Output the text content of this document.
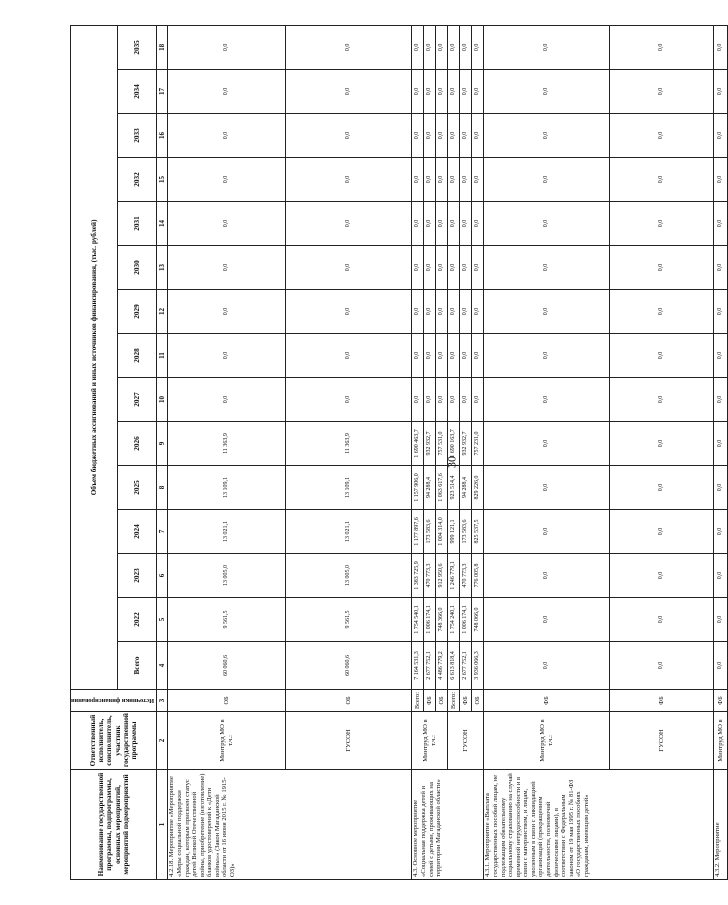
30
Наименование государственной программы, подпрограммы, основных мероприятий, мероприятий подмероприятий	Ответственный исполнитель, соисполнитель, участник государственной программы	Источники финансирования	Объем бюджетных ассигнований и иных источников финансирования, (тыс. рублей)														
			Всего	2022	2023	2024	2025	2026	2027	2028	2029	2030	2031	2032	2033	2034	2035
1	2	3	4	5	6	7	8	9	10	11	12	13	14	15	16	17	18
4.2.18. Мероприятие «Мероприятие «Меры социальной поддержки граждан, которым присвоен статус детей Великой Отечественной войны, приобретение (изготовление) бланков удостоверений к «Дети войны»» (Закон Магаданской области от 16 июня 2015 г. № 1915-ОЗ)»	Минтруд МО в т.ч.:	ОБ	60 060,6	9 561,5	13 005,0	13 021,1	13 109,1	11 363,9	0,0	0,0	0,0	0,0	0,0	0,0	0,0	0,0	0,0
	ГУСОН	ОБ	60 060,6	9 561,5	13 005,0	13 021,1	13 109,1	11 363,9	0,0	0,0	0,0	0,0	0,0	0,0	0,0	0,0	0,0
4.3. Основное мероприятие «Социальная поддержка детей и семей с детьми, проживающих на территории Магаданской области»	Минтруд МО в т.ч.:	Всего:	7 164 531,3	1 754 540,1	1 383 725,9	1 177 897,6	1 157 906,0	1 690 463,7	0,0	0,0	0,0	0,0	0,0	0,0	0,0	0,0	0,0
		ФБ	2 677 752,1	1 006 174,1	470 773,3	173 583,6	94 288,4	932 932,7	0,0	0,0	0,0	0,0	0,0	0,0	0,0	0,0	0,0
		ОБ	4 486 779,2	748 366,0	912 950,6	1 004 314,0	1 063 617,6	757 531,0	0,0	0,0	0,0	0,0	0,0	0,0	0,0	0,0	0,0
	ГУСОН	Всего:	6 613 818,4	1 754 240,1	1 246 779,1	999 121,1	923 514,4	1 690 163,7	0,0	0,0	0,0	0,0	0,0	0,0	0,0	0,0	0,0
		ФБ	2 677 752,1	1 006 174,1	470 773,3	173 583,6	94 288,4	932 932,7	0,0	0,0	0,0	0,0	0,0	0,0	0,0	0,0	0,0
		ОБ	3 936 066,3	748 066,0	776 005,8	825 537,5	829 226,0	757 231,0	0,0	0,0	0,0	0,0	0,0	0,0	0,0	0,0	0,0
4.3.1. Мероприятие «Выплата государственных пособий лицам, не подлежащим обязательному социальному страхованию на случай временной нетрудоспособности и в связи с материнством, и лицам, уволенным в связи с ликвидацией организаций (прекращением деятельности, полномочий физическими лицами), в соответствии с Федеральным законом от 19 мая 1995 г. № 81-ФЗ «О государственных пособиях гражданам, имеющим детей»	Минтруд МО в т.ч.:	ФБ	0,0	0,0	0,0	0,0	0,0	0,0	0,0	0,0	0,0	0,0	0,0	0,0	0,0	0,0	0,0
	ГУСОН	ФБ	0,0	0,0	0,0	0,0	0,0	0,0	0,0	0,0	0,0	0,0	0,0	0,0	0,0	0,0	0,0
4.3.2. Мероприятие	Минтруд МО в	ФБ	0,0	0,0	0,0	0,0	0,0	0,0	0,0	0,0	0,0	0,0	0,0	0,0	0,0	0,0	0,0
